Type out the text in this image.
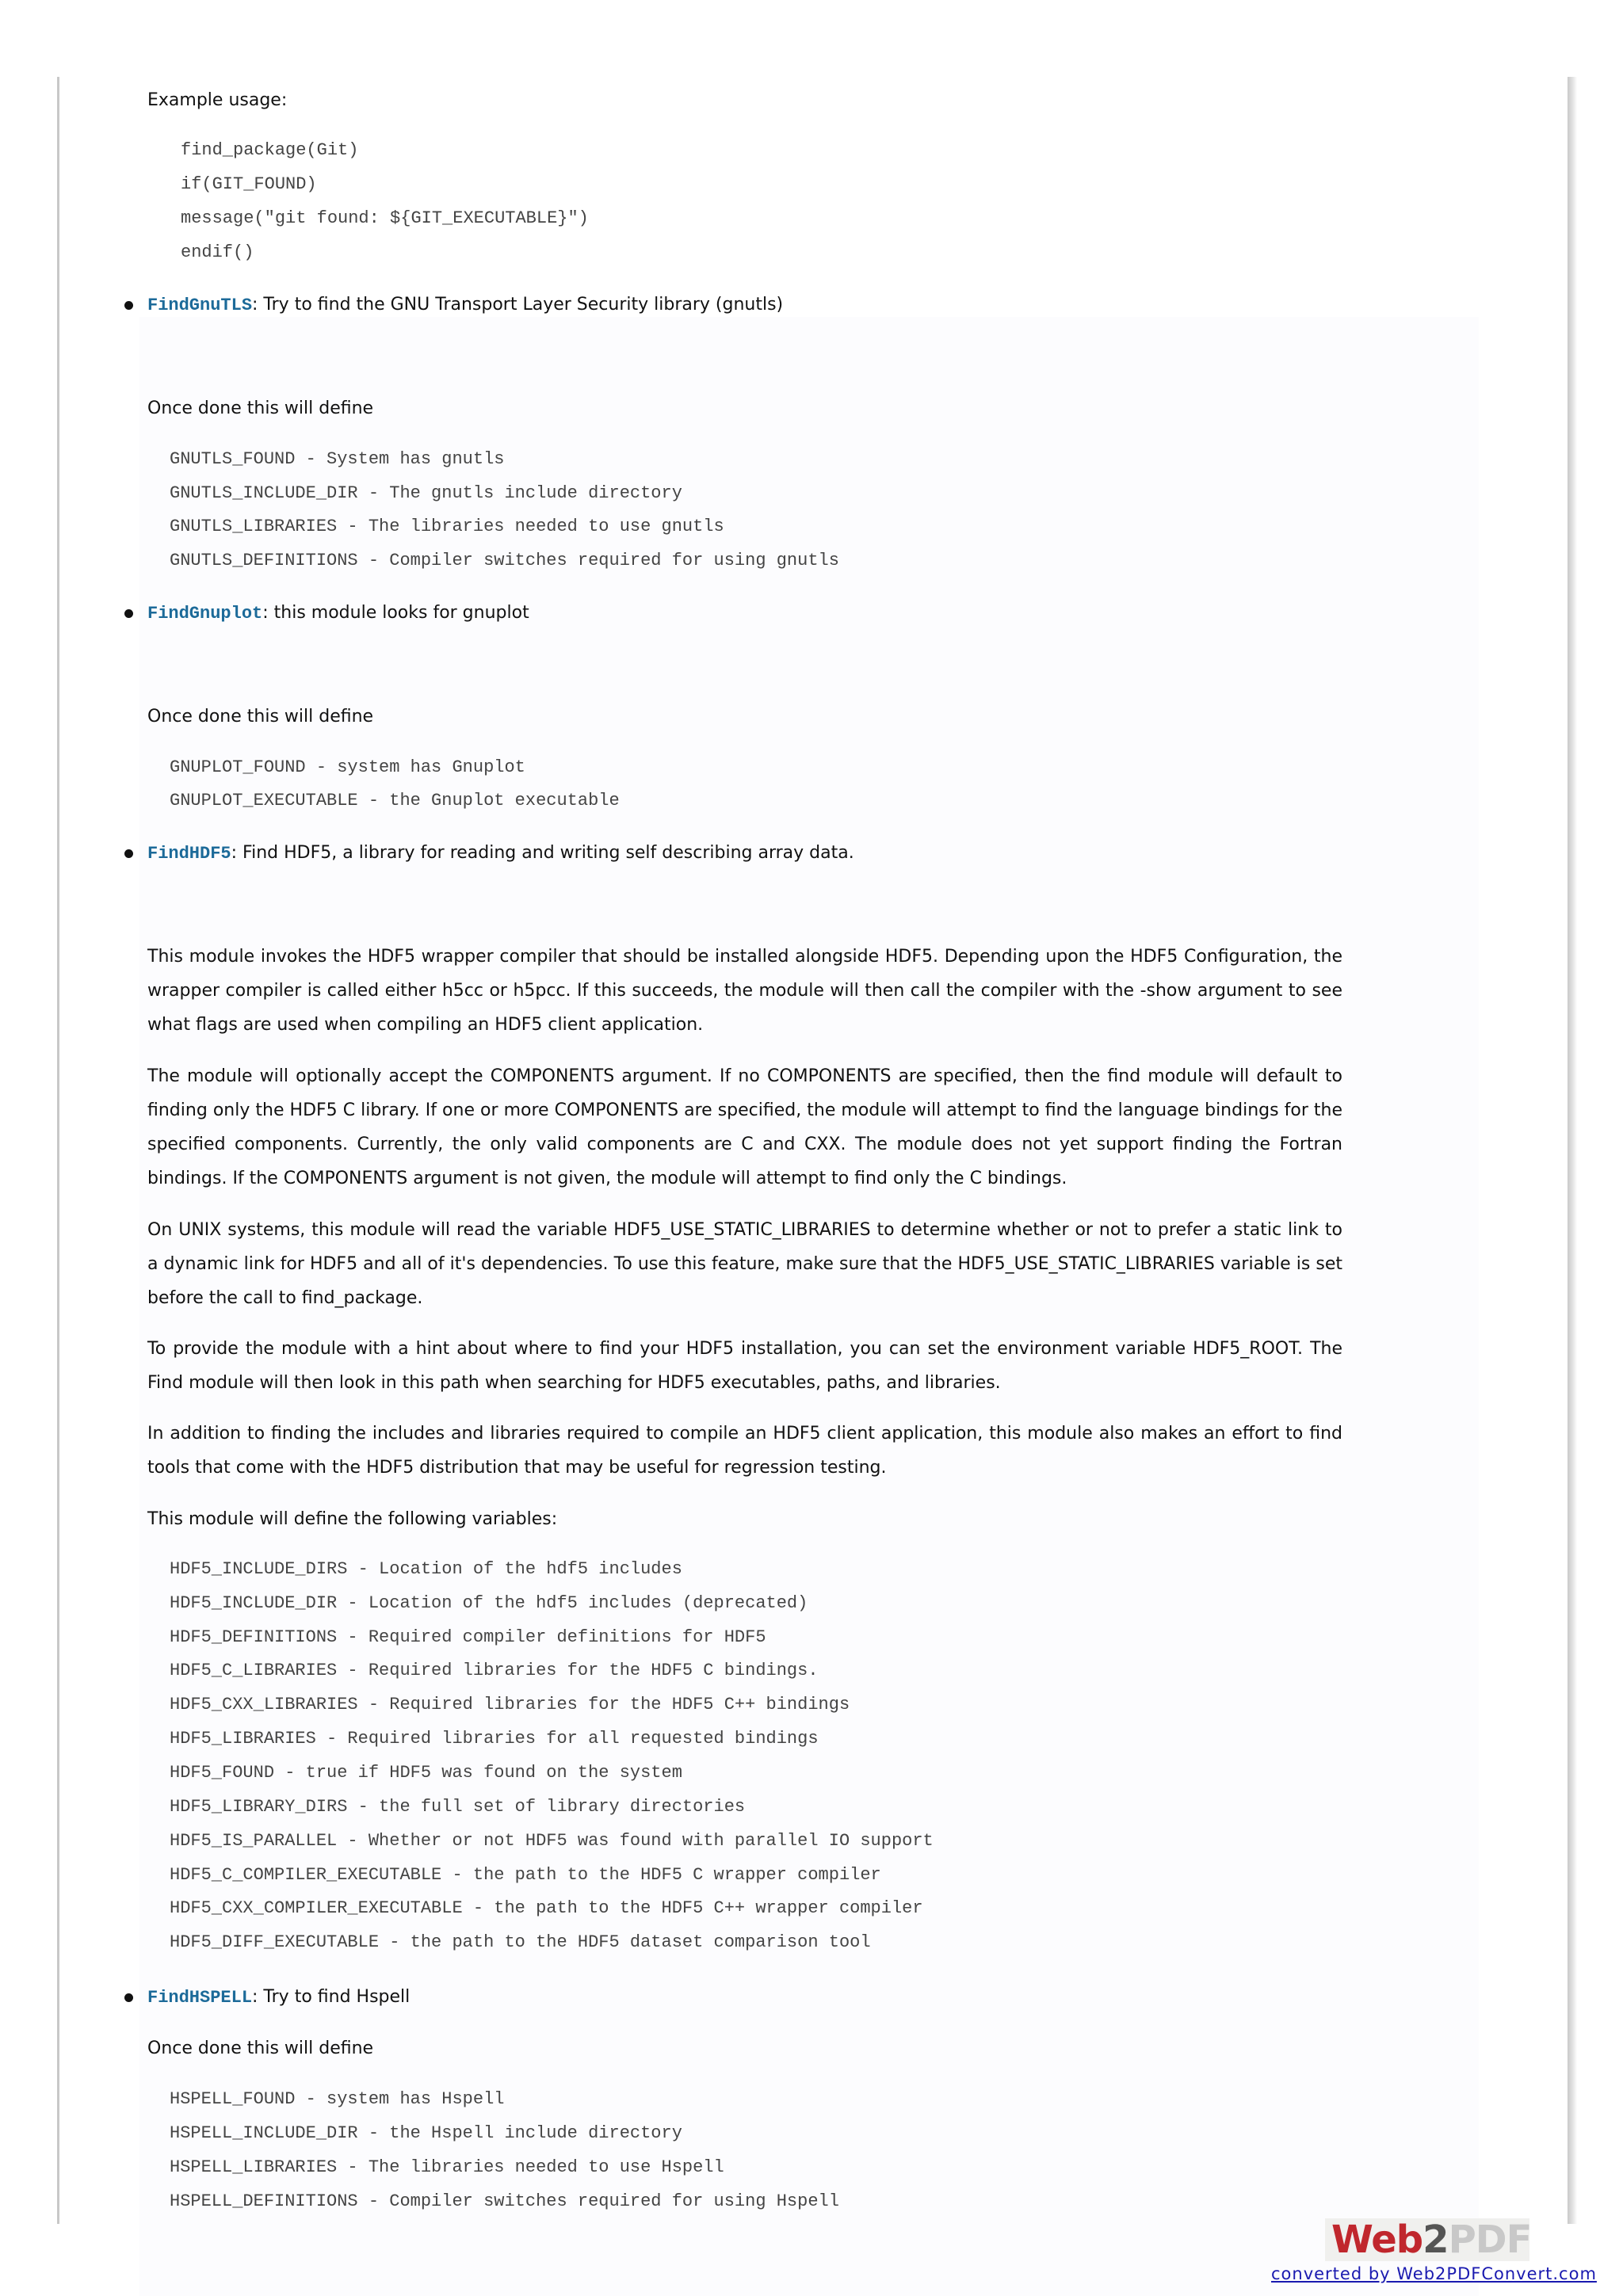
Example usage:
find_package(Git)
if(GIT_FOUND)
message("git found: ${GIT_EXECUTABLE}")
endif()
FindGnuTLS: Try to find the GNU Transport Layer Security library (gnutls)
Once done this will define
GNUTLS_FOUND - System has gnutls
GNUTLS_INCLUDE_DIR - The gnutls include directory
GNUTLS_LIBRARIES - The libraries needed to use gnutls
GNUTLS_DEFINITIONS - Compiler switches required for using gnutls
FindGnuplot: this module looks for gnuplot
Once done this will define
GNUPLOT_FOUND - system has Gnuplot
GNUPLOT_EXECUTABLE - the Gnuplot executable
FindHDF5: Find HDF5, a library for reading and writing self describing array data.
This module invokes the HDF5 wrapper compiler that should be installed alongside HDF5. Depending upon the HDF5 Configuration, the wrapper compiler is called either h5cc or h5pcc. If this succeeds, the module will then call the compiler with the -show argument to see what flags are used when compiling an HDF5 client application.
The module will optionally accept the COMPONENTS argument. If no COMPONENTS are specified, then the find module will default to finding only the HDF5 C library. If one or more COMPONENTS are specified, the module will attempt to find the language bindings for the specified components. Currently, the only valid components are C and CXX. The module does not yet support finding the Fortran bindings. If the COMPONENTS argument is not given, the module will attempt to find only the C bindings.
On UNIX systems, this module will read the variable HDF5_USE_STATIC_LIBRARIES to determine whether or not to prefer a static link to a dynamic link for HDF5 and all of it's dependencies. To use this feature, make sure that the HDF5_USE_STATIC_LIBRARIES variable is set before the call to find_package.
To provide the module with a hint about where to find your HDF5 installation, you can set the environment variable HDF5_ROOT. The Find module will then look in this path when searching for HDF5 executables, paths, and libraries.
In addition to finding the includes and libraries required to compile an HDF5 client application, this module also makes an effort to find tools that come with the HDF5 distribution that may be useful for regression testing.
This module will define the following variables:
HDF5_INCLUDE_DIRS - Location of the hdf5 includes
HDF5_INCLUDE_DIR - Location of the hdf5 includes (deprecated)
HDF5_DEFINITIONS - Required compiler definitions for HDF5
HDF5_C_LIBRARIES - Required libraries for the HDF5 C bindings.
HDF5_CXX_LIBRARIES - Required libraries for the HDF5 C++ bindings
HDF5_LIBRARIES - Required libraries for all requested bindings
HDF5_FOUND - true if HDF5 was found on the system
HDF5_LIBRARY_DIRS - the full set of library directories
HDF5_IS_PARALLEL - Whether or not HDF5 was found with parallel IO support
HDF5_C_COMPILER_EXECUTABLE - the path to the HDF5 C wrapper compiler
HDF5_CXX_COMPILER_EXECUTABLE - the path to the HDF5 C++ wrapper compiler
HDF5_DIFF_EXECUTABLE - the path to the HDF5 dataset comparison tool
FindHSPELL: Try to find Hspell
Once done this will define
HSPELL_FOUND - system has Hspell
HSPELL_INCLUDE_DIR - the Hspell include directory
HSPELL_LIBRARIES - The libraries needed to use Hspell
HSPELL_DEFINITIONS - Compiler switches required for using Hspell
Web2PDF
converted by Web2PDFConvert.com
